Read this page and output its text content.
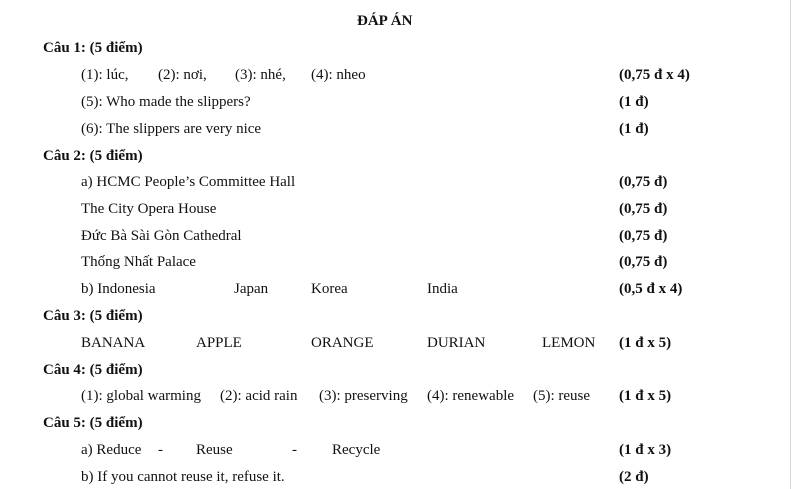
ĐÁP ÁN
Câu 1: (5 điểm)
(1): lúc, (2): nơi, (3): nhé, (4): nheo	(0,75 đ x 4)
(5): Who made the slippers?	(1 đ)
(6): The slippers are very nice	(1 đ)
Câu 2: (5 điểm)
a) HCMC People’s Committee Hall	(0,75 đ)
The City Opera House	(0,75 đ)
Đức Bà Sài Gòn Cathedral	(0,75 đ)
Thống Nhất Palace	(0,75 đ)
b) Indonesia	Japan	Korea	India	(0,5 đ x 4)
Câu 3: (5 điểm)
BANANA	APPLE	ORANGE	DURIAN	LEMON (1 đ x 5)
Câu 4: (5 điểm)
(1): global warming (2): acid rain (3): preserving (4): renewable (5): reuse (1 đ x 5)
Câu 5: (5 điểm)
a) Reduce - Reuse	- Recycle	(1 đ x 3)
b) If you cannot reuse it, refuse it.	(2 đ)
